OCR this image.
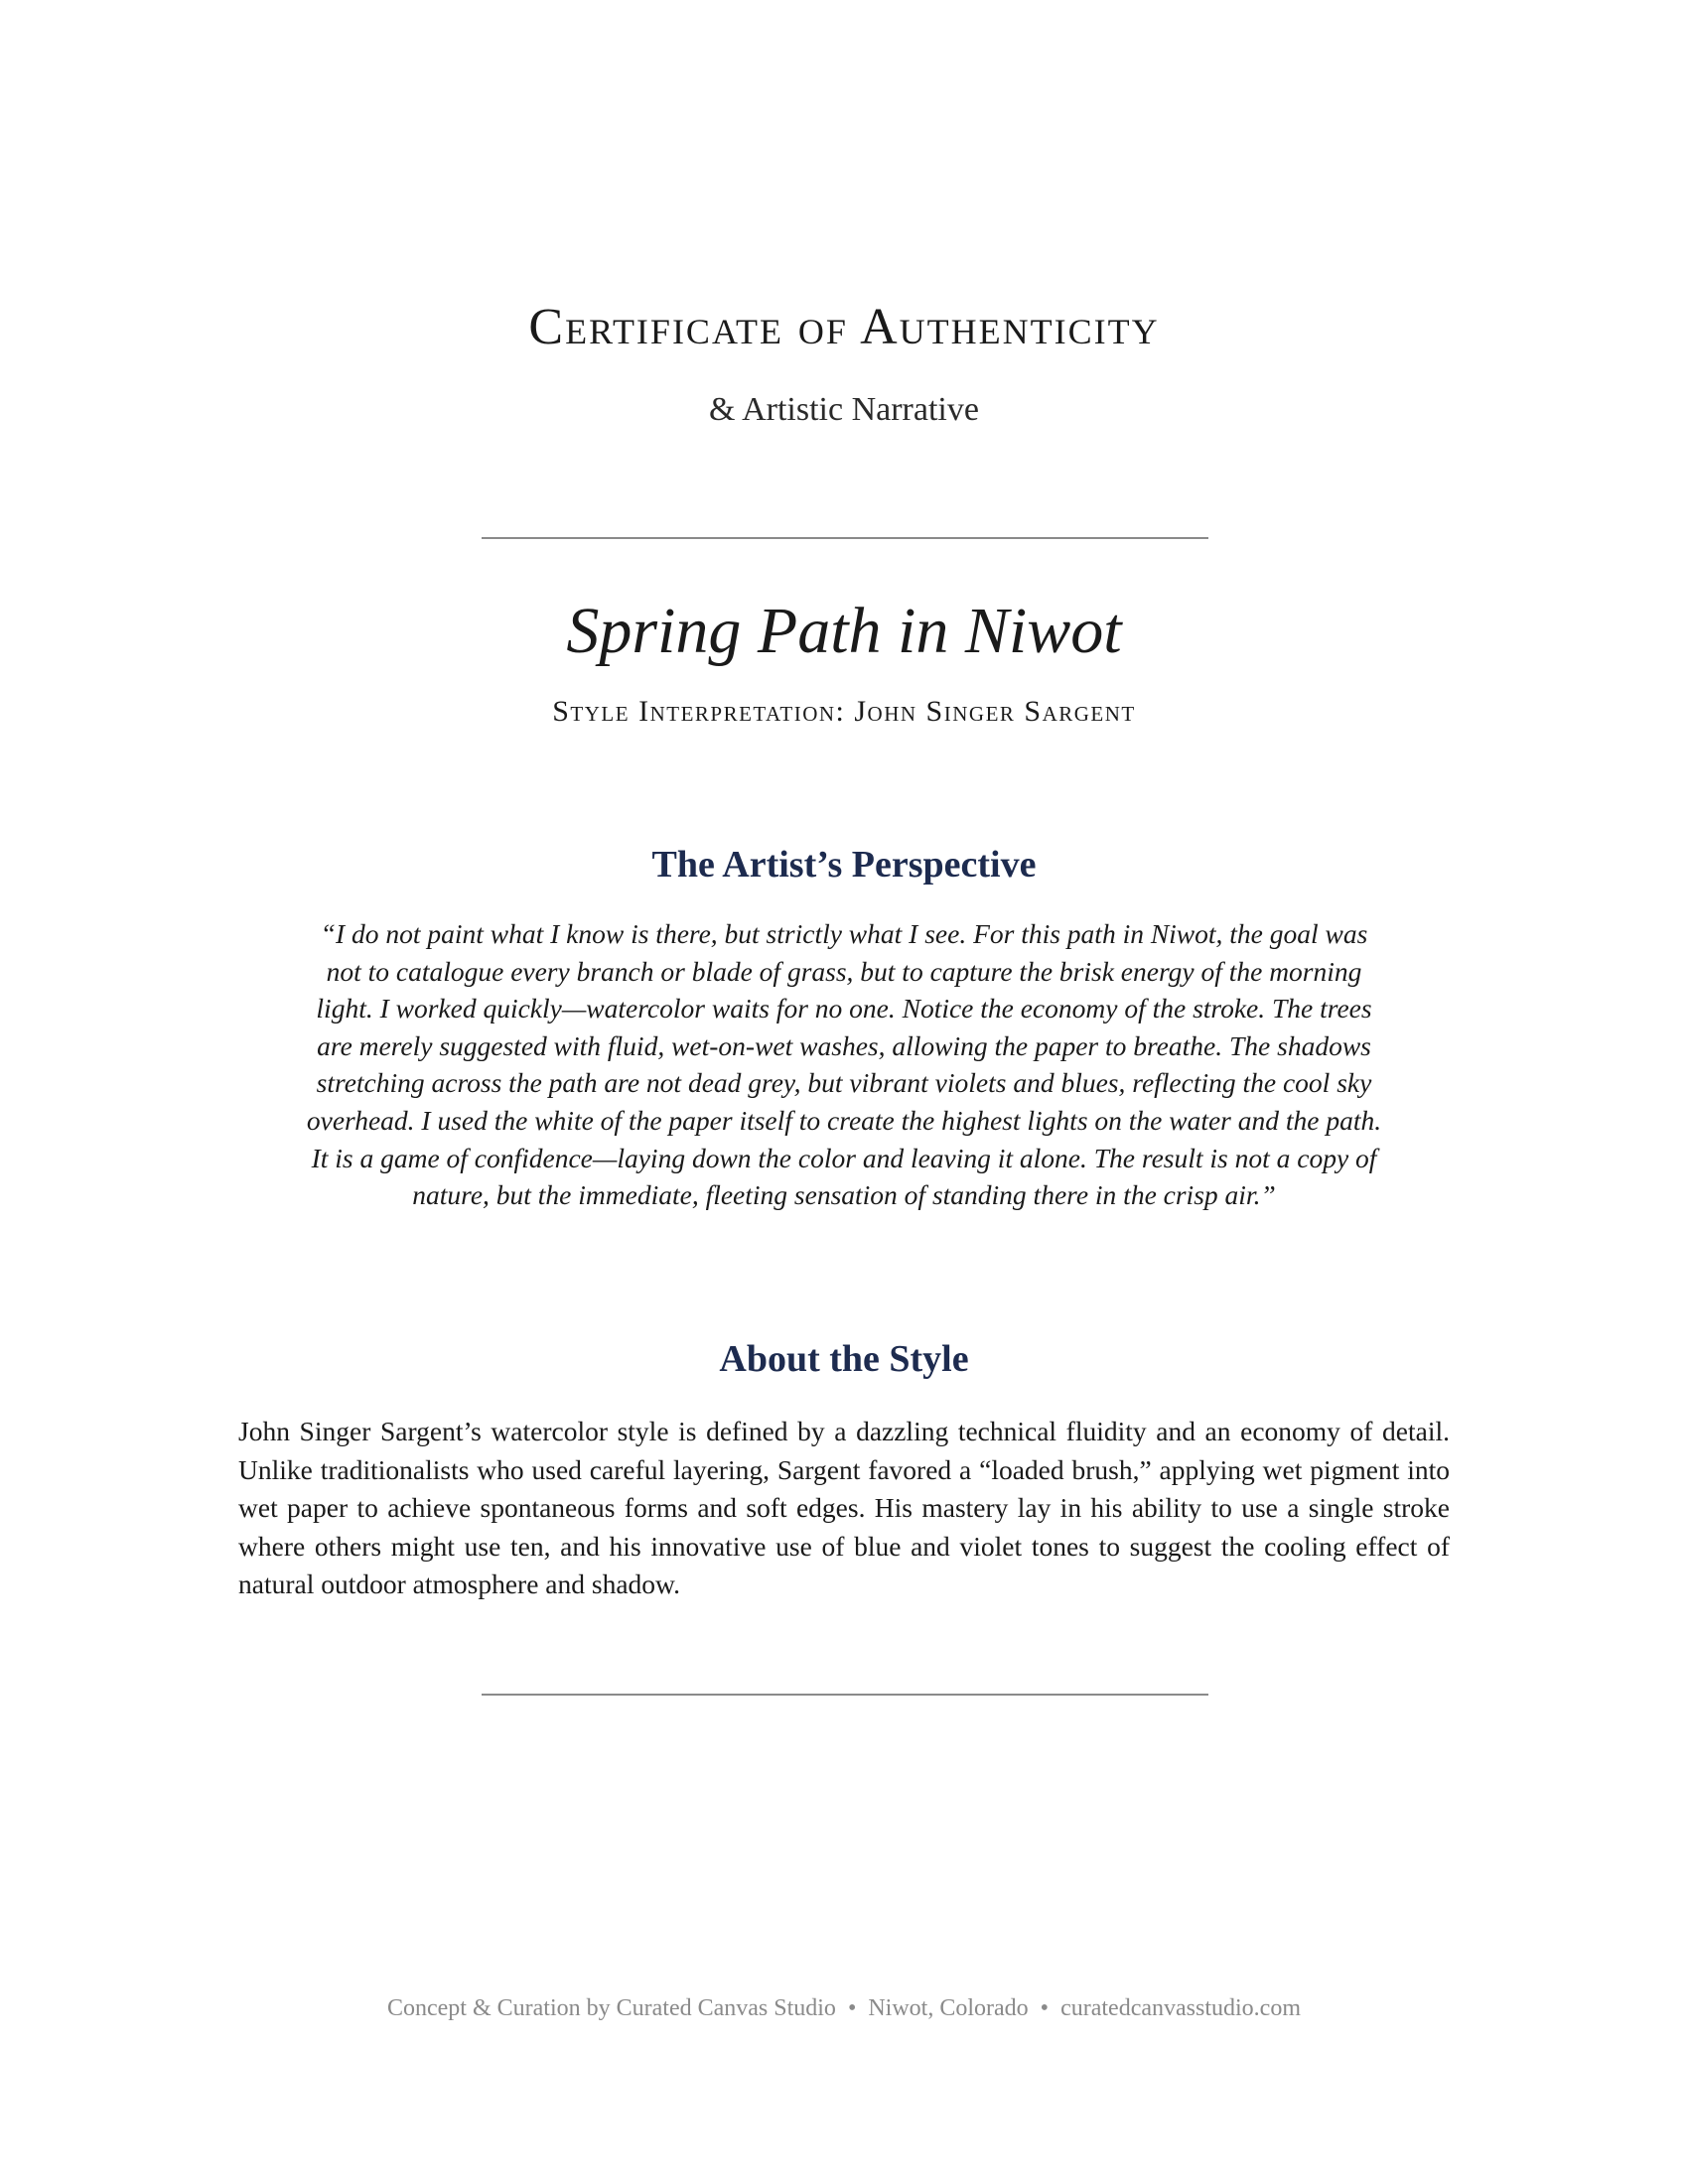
Certificate of Authenticity

& Artistic Narrative

Spring Path in Niwot

Style Interpretation: John Singer Sargent

The Artist’s Perspective

“I do not paint what I know is there, but strictly what I see. For this path in Niwot, the goal was not to catalogue every branch or blade of grass, but to capture the brisk energy of the morning light. I worked quickly—watercolor waits for no one. Notice the economy of the stroke. The trees are merely suggested with fluid, wet-on-wet washes, allowing the paper to breathe. The shadows stretching across the path are not dead grey, but vibrant violets and blues, reflecting the cool sky overhead. I used the white of the paper itself to create the highest lights on the water and the path. It is a game of confidence—laying down the color and leaving it alone. The result is not a copy of nature, but the immediate, fleeting sensation of standing there in the crisp air.”

About the Style

John Singer Sargent’s watercolor style is defined by a dazzling technical fluidity and an economy of detail. Unlike traditionalists who used careful layering, Sargent favored a “loaded brush,” applying wet pigment into wet paper to achieve spontaneous forms and soft edges. His mastery lay in his ability to use a single stroke where others might use ten, and his innovative use of blue and violet tones to suggest the cooling effect of natural outdoor atmosphere and shadow.

Concept & Curation by Curated Canvas Studio • Niwot, Colorado • curatedcanvasstudio.com
